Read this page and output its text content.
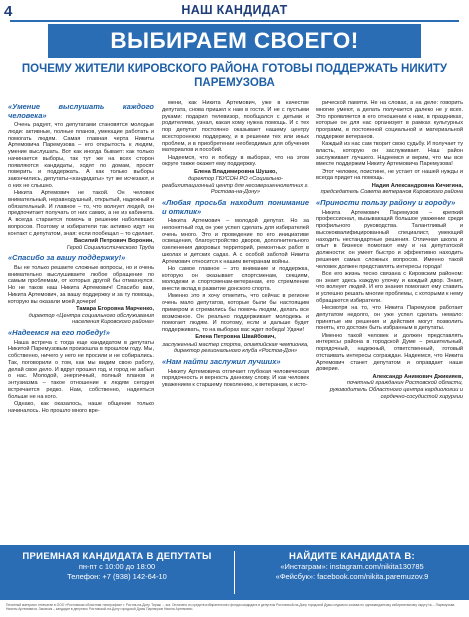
4	НАШ КАНДИДАТ
ВЫБИРАЕМ СВОЕГО!
ПОЧЕМУ ЖИТЕЛИ КИРОВСКОГО РАЙОНА ГОТОВЫ ПОДДЕРЖАТЬ НИКИТУ ПАРЕМУЗОВА
«Умение выслушать каждого человека»

Очень радует, что депутатами становятся молодые люди: активные, полные планов, умеющие работать и помогать людям. Самая главная черта Никиты Артемовича Паремузова – его открытость к людям, умение выслушать. Вот как иногда бывает: как только начинается выборы, так тут же на всех сторон появляются кандидаты, ходят по домам, просят поверить и поддержать. А как только выборы закончились, депутаты-«кандидаты» тут же исчезают, и о них не слышно.

Никита Артемович не такой. Он человек внимательный, неравнодушный, открытый, надежный и обязательный. И главное – то, что волнует людей, он предпочитает получать от них самих, а не из кабинета. А всегда старается помочь в решении наболевших вопросов. Поэтому и избиратели так активно идут на контакт с депутатом, зная: если пообещал – то сделает.

Василий Петрович Воронин,

Герой Социалистического Труда

«Спасибо за вашу поддержку!»

Вы не только решаете сложные вопросы, но и очень внимательно выслушиваете любое обращение по самым проблемам, от которых другой бы отмахнулся. Но не таков наш Никита Артемович! Спасибо вам, Никита Артемович, за вашу поддержку и за ту помощь, которую вы оказали моей дочери!

Тамара Егоровна Марченко,

директор «Центра социального обслуживания населения Кировского района»

«Надеемся на его победу!»

Наша встреча с тогда еще кандидатом в депутаты Никитой Паремузовым произошла в прошлом году. Мы, собственно, ничего у него не просили и не собирались. Так, поговорили о том, как мы видим свою работу, делай свое дело. И вдруг прошел год, и город не забыл о нас. Молодой, энергичный, полный планов и энтузиазма – такое отношение к людям сегодня встречается редко. Нам, собственно, надеяться больше не на кого.

Однако, как оказалось, наше общение только начиналось. Но прошло много вре-

мени, как Никита Артемович, уже в качестве депутата, снова пришел к нам в гости. И не с пустыми руками: подарил телевизор, пообщался с детьми и родителями, узнал, какая кому нужна помощь. И с тех пор депутат постоянно оказывает нашему центру всестороннюю поддержку, и в решении тех или иных проблем, и в приобретении необходимых для обучения материалов и пособий.

Надеемся, что и победу в выборах, что на этом округе также окажет ему поддержку.

Елена Владимировна Шушко,

директор ГБУСОН РО «Социально-реабилитационный центр для несовершеннолетних г. Ростова-на-Дону»

«Любая просьба находит понимание и отклик»

Никита Артемович – молодой депутат. Но за непонятный год он уже успел сделать для избирателей очень много. Это и проведение по его инициативе освещения, благоустройство дворов, дополнительного озеленения дворовых территорий, ремонтных работ в школах и детских садах. А с особой заботой Никита Артемович относится к нашим ветеранам войны.

Но самое главное – это внимание и поддержка, которую он оказывает спортсменам, секциям, молодежи и спортсменам-ветеранам, его стремление внести вклад в развитие донского спорта.

Именно это я хочу отметить, что сейчас в регионе очень мало депутатов, которые были бы настоящим примером и стремились бы помочь людям, делать все возможное. Он реально поддерживает молодежь и помогает людям. И поэтому, если и дальше будет поддерживать, то на выборах вас ждет победа! Удачи!

Елена Петровна Швайбович,

заслуженный мастер спорта, олимпийская чемпионка, директор регионального клуба «Ростов-Дон»

«Нам найти заслужил лучших»

Никиту Артемовича отличает глубокая человеческая порядочность и верность данному слову. И как человек уважением к старшему поколению, к ветеранам, к исто-

рической памяти. Не на словах, а на деле: говорить многие умеют, а делать получается далеко не у всех. Это проявляется в его отношении к нам, в праздниках, которые он для нас организует в рамках культурных программ, в постоянной социальной и материальной поддержке ветеранов.

Каждый из нас сам творит свою судьбу. И получает ту власть, которую он заслуживает. Наш район заслуживает лучшего. Надеемся и верим, что мы все вместе поддержим Никиту Артемовича Паремузова!

Этот человек, поистине, не устает от нашей нужды и всегда придет на помощь.

Надия Александровна Кичигина,

председатель Совета ветеранов Кировского района

«Приности пользу району и городу»

Никита Артемович Паремузов – крепкий профессионал, вызывающий большое уважение среди профильного руководства. Талантливый и высококвалифицированный специалист, умеющий находить нестандартные решения. Отличная школа и опыт в бизнесе помогают ему и на депутатской должности: он умеет быстро и эффективно находить решения самых сложных вопросов. Именно такой человек должен представлять интересы города!

Все его жизнь тесно связана с Кировским районом: он знает здесь каждую улочку и каждый двор. Знает, что волнует людей. И его знания помогают ему ставить и успешно решать многие проблемы, с которыми к нему обращаются избиратели.

Несмотря на то, что Никита Паремузов работает депутатом недолго, он уже успел сделать немало: принятые им решения и действия могут позволить понять, кто достоин быть избранным в депутаты.

Именно такой человек и должен представлять интересы района в городской Думе – решительный, порядочный, надежный, ответственный, готовый отстаивать интересы сограждан. Надеемся, что Никита Артемович станет депутатом и оправдает наше доверие.

Александр Анимович Джикияев,

почетный гражданин Ростовской области, руководитель Областного центра кардиологии и сердечно-сосудистой хирургии

ПРИЕМНАЯ КАНДИДАТА В ДЕПУТАТЫ
пн-пт с 10:00 до 18:00
Телефон: +7 (938) 142-64-10
НАЙДИТЕ КАНДИДАТА В:
«Инстаграм»: instagram.com/nikita130785
«Фейсбук»: facebook.com/nikita.paremuzov.9
Печатный материал отпечатан в ООО «Ростовская областная типография» г. Ростов-на-Дону. Тираж ... экз. Оплачено из средств избирательного фонда кандидата в депутаты Ростовской-на-Дону городской Думы седьмого созыва по одномандатному избирательному округу №... Паремузова Никиты Артемовича. Заказчик – кандидат в депутаты Ростовской-на-Дону городской Думы Паремузов Никита Артемович.
